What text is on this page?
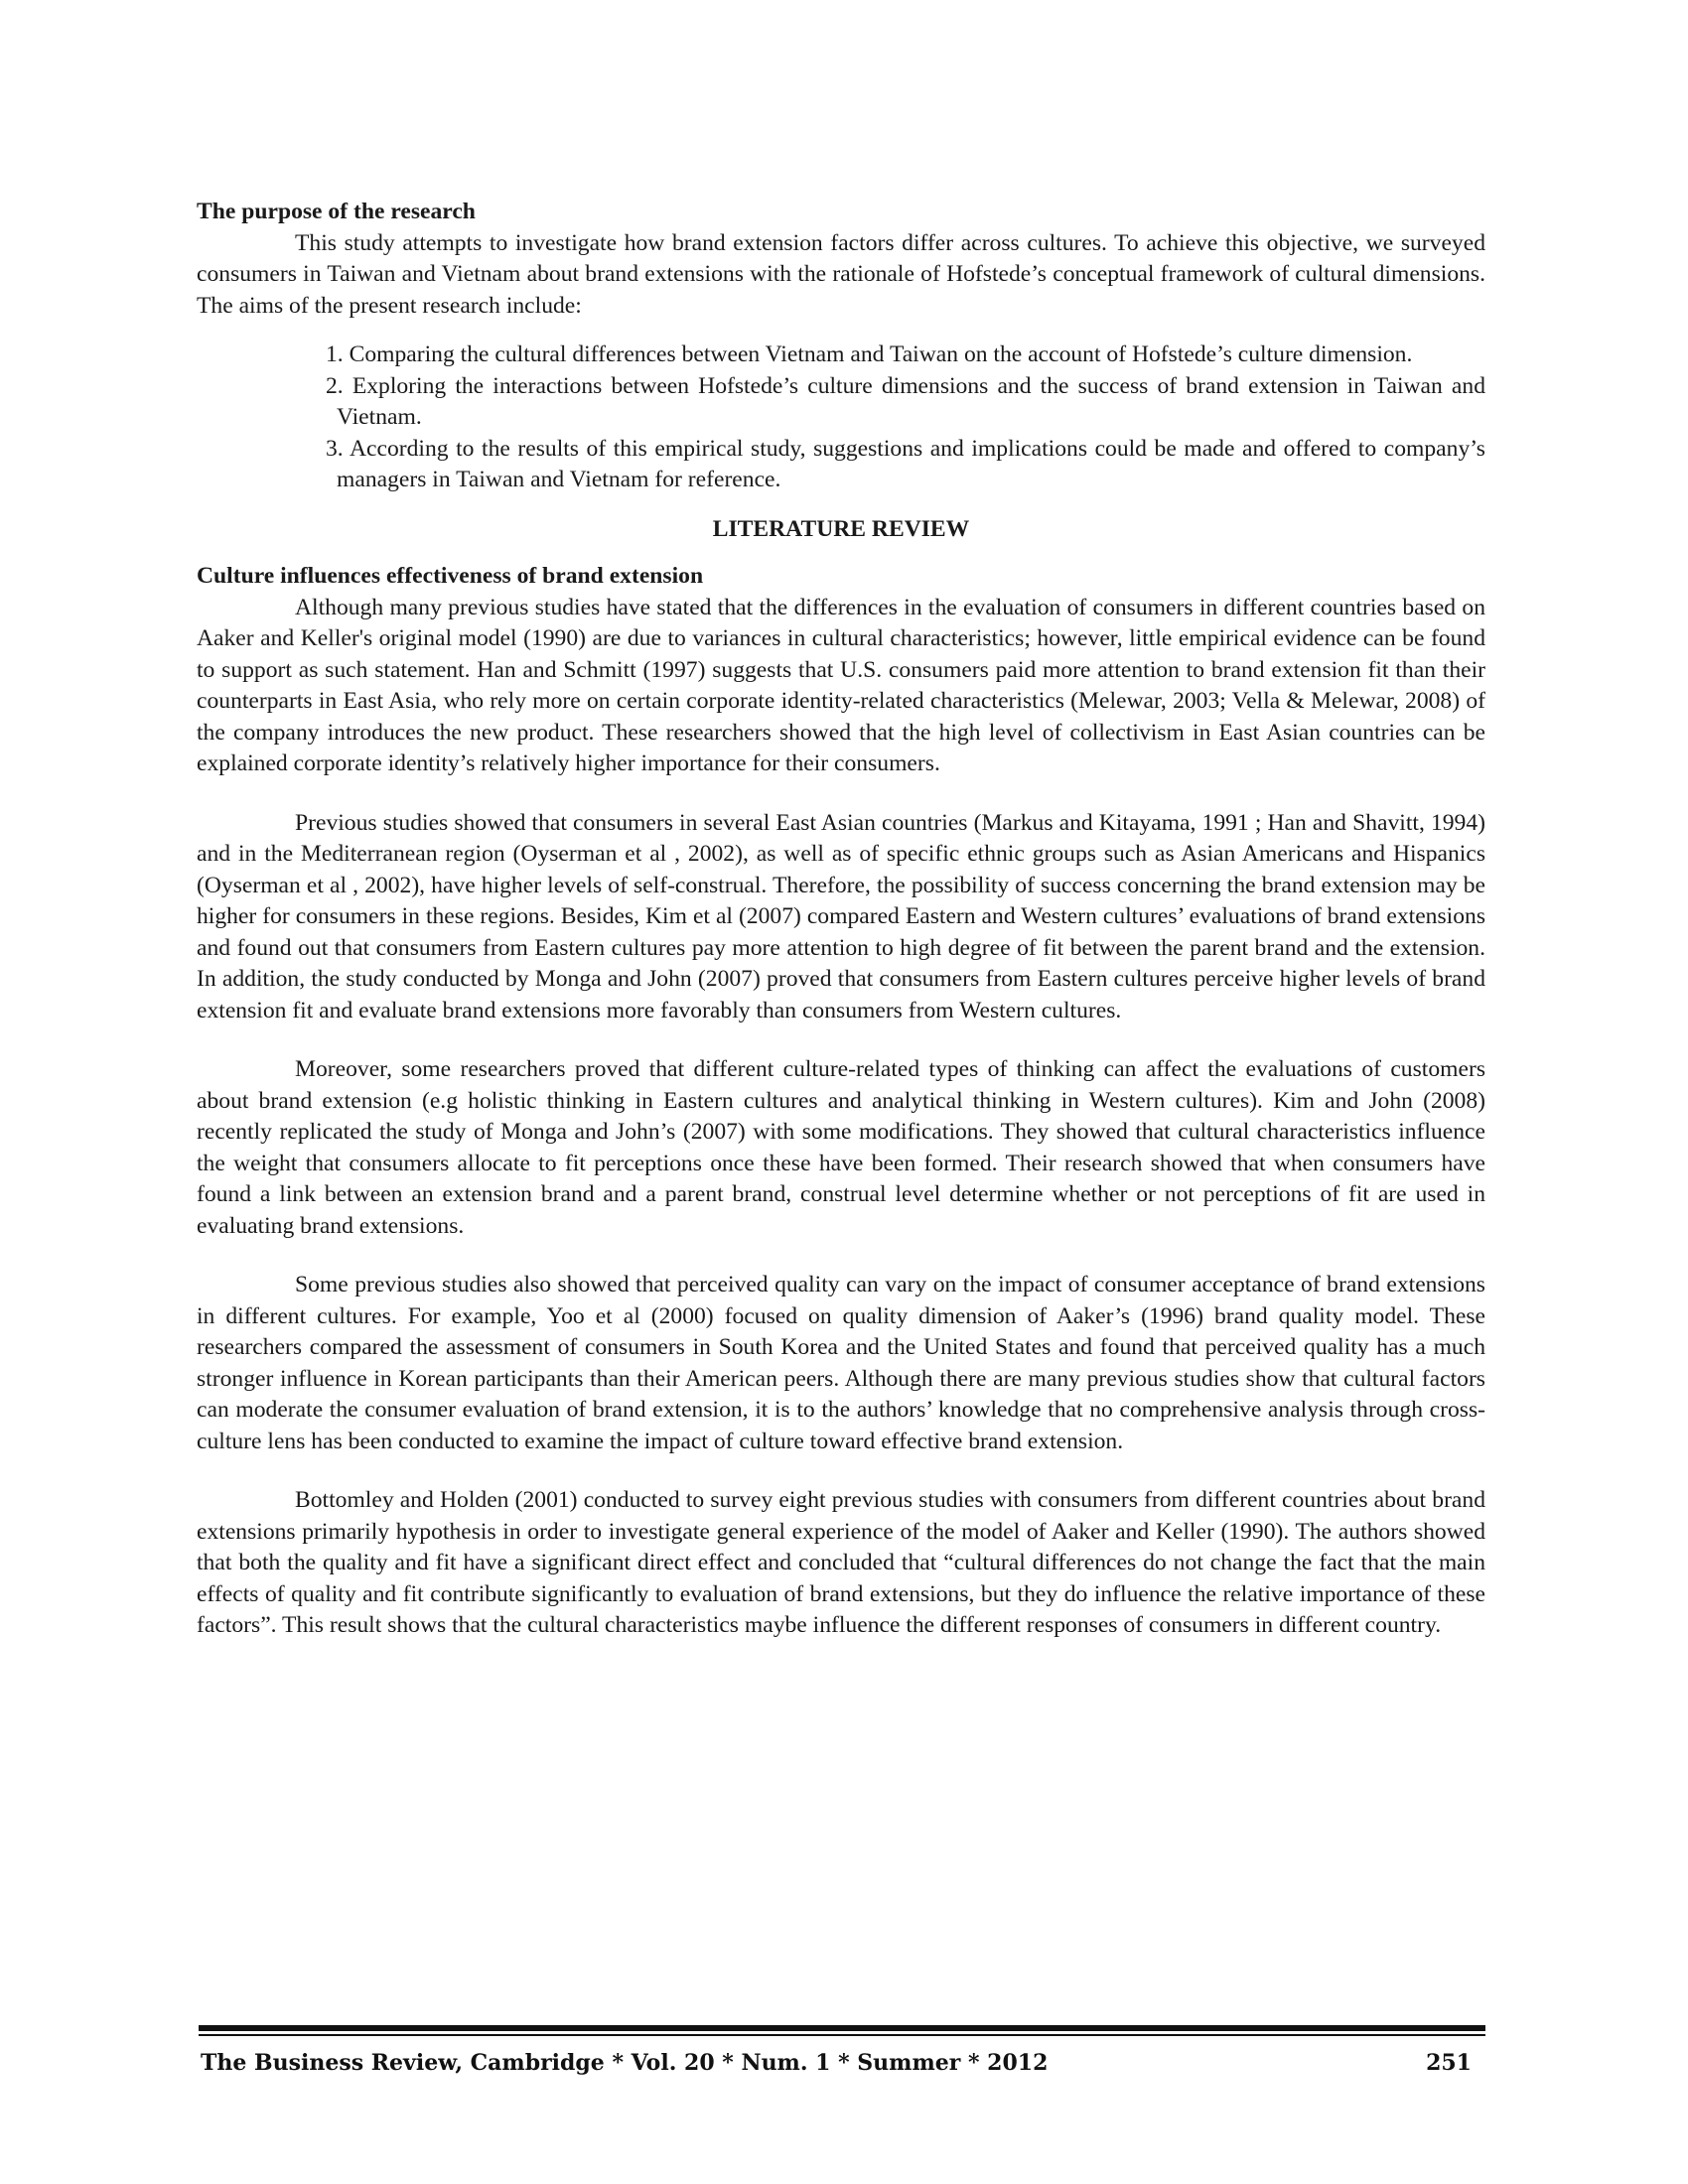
The purpose of the research

This study attempts to investigate how brand extension factors differ across cultures. To achieve this objective, we surveyed consumers in Taiwan and Vietnam about brand extensions with the rationale of Hofstede’s conceptual framework of cultural dimensions. The aims of the present research include:

1. Comparing the cultural differences between Vietnam and Taiwan on the account of Hofstede’s culture dimension.
2. Exploring the interactions between Hofstede’s culture dimensions and the success of brand extension in Taiwan and Vietnam.
3. According to the results of this empirical study, suggestions and implications could be made and offered to company’s managers in Taiwan and Vietnam for reference.

LITERATURE REVIEW

Culture influences effectiveness of brand extension

Although many previous studies have stated that the differences in the evaluation of consumers in different countries based on Aaker and Keller's original model (1990) are due to variances in cultural characteristics; however, little empirical evidence can be found to support as such statement. Han and Schmitt (1997) suggests that U.S. consumers paid more attention to brand extension fit than their counterparts in East Asia, who rely more on certain corporate identity-related characteristics (Melewar, 2003; Vella & Melewar, 2008) of the company introduces the new product. These researchers showed that the high level of collectivism in East Asian countries can be explained corporate identity’s relatively higher importance for their consumers.

Previous studies showed that consumers in several East Asian countries (Markus and Kitayama, 1991 ; Han and Shavitt, 1994) and in the Mediterranean region (Oyserman et al , 2002), as well as of specific ethnic groups such as Asian Americans and Hispanics (Oyserman et al , 2002), have higher levels of self-construal. Therefore, the possibility of success concerning the brand extension may be higher for consumers in these regions. Besides, Kim et al (2007) compared Eastern and Western cultures’ evaluations of brand extensions and found out that consumers from Eastern cultures pay more attention to high degree of fit between the parent brand and the extension. In addition, the study conducted by Monga and John (2007) proved that consumers from Eastern cultures perceive higher levels of brand extension fit and evaluate brand extensions more favorably than consumers from Western cultures.

Moreover, some researchers proved that different culture-related types of thinking can affect the evaluations of customers about brand extension (e.g holistic thinking in Eastern cultures and analytical thinking in Western cultures). Kim and John (2008) recently replicated the study of Monga and John’s (2007) with some modifications. They showed that cultural characteristics influence the weight that consumers allocate to fit perceptions once these have been formed. Their research showed that when consumers have found a link between an extension brand and a parent brand, construal level determine whether or not perceptions of fit are used in evaluating brand extensions.

Some previous studies also showed that perceived quality can vary on the impact of consumer acceptance of brand extensions in different cultures. For example, Yoo et al (2000) focused on quality dimension of Aaker’s (1996) brand quality model. These researchers compared the assessment of consumers in South Korea and the United States and found that perceived quality has a much stronger influence in Korean participants than their American peers. Although there are many previous studies show that cultural factors can moderate the consumer evaluation of brand extension, it is to the authors’ knowledge that no comprehensive analysis through cross-culture lens has been conducted to examine the impact of culture toward effective brand extension.

Bottomley and Holden (2001) conducted to survey eight previous studies with consumers from different countries about brand extensions primarily hypothesis in order to investigate general experience of the model of Aaker and Keller (1990). The authors showed that both the quality and fit have a significant direct effect and concluded that “cultural differences do not change the fact that the main effects of quality and fit contribute significantly to evaluation of brand extensions, but they do influence the relative importance of these factors”. This result shows that the cultural characteristics maybe influence the different responses of consumers in different country.

The Business Review, Cambridge * Vol. 20 * Num. 1 * Summer * 2012	251
